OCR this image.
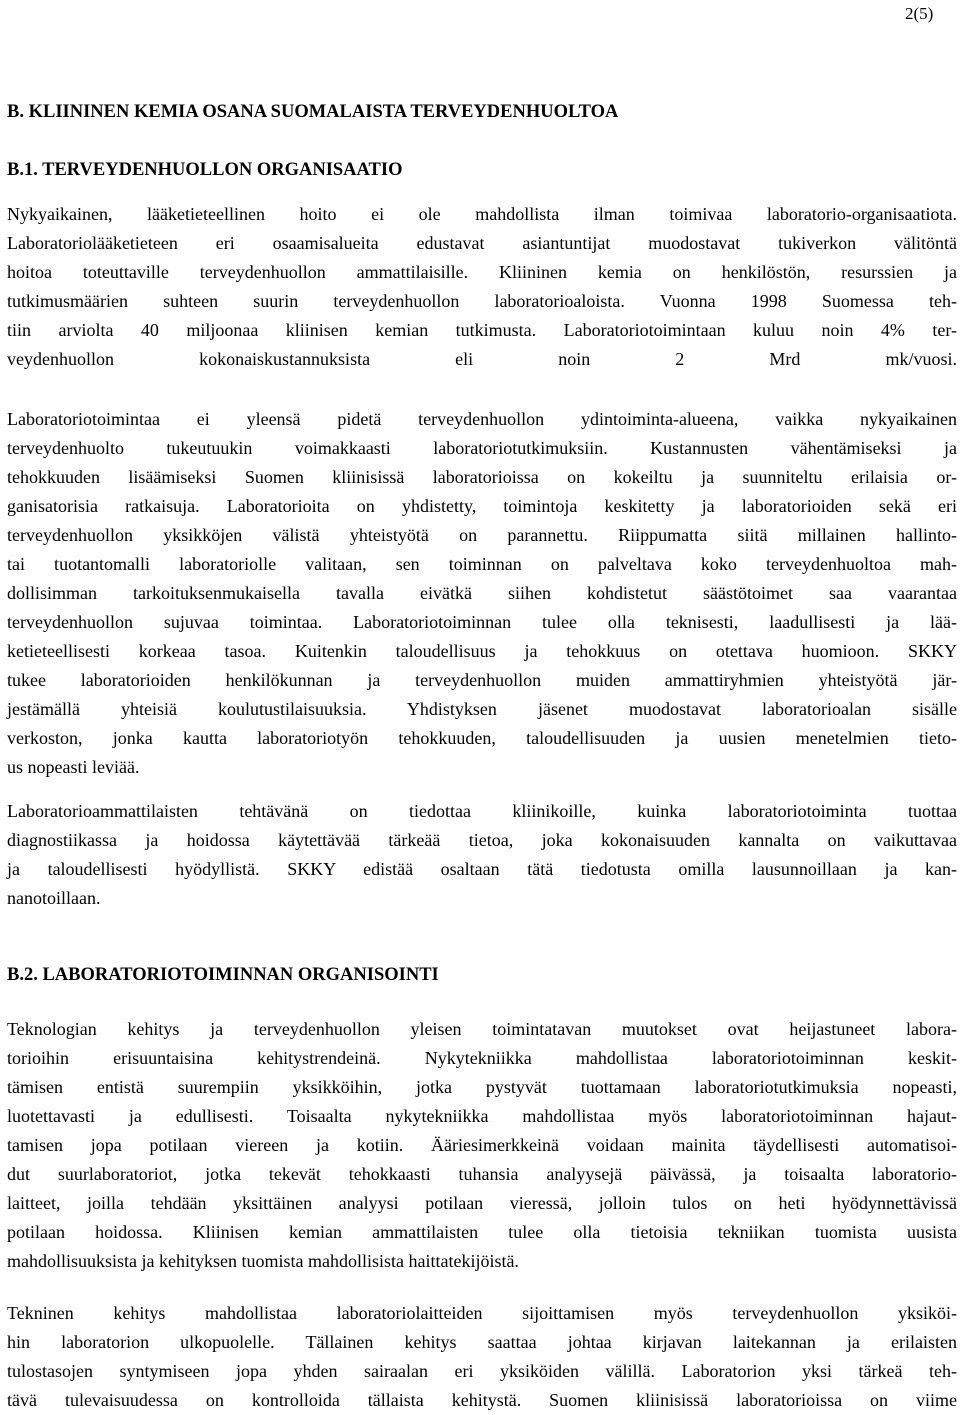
2(5)
B. KLIININEN KEMIA OSANA SUOMALAISTA TERVEYDENHUOLTOA
B.1. TERVEYDENHUOLLON ORGANISAATIO
Nykyaikainen, lääketieteellinen hoito ei ole mahdollista ilman toimivaa laboratorio-organisaatiota.
Laboratoriolääketieteen eri osaamisalueita edustavat asiantuntijat muodostavat tukiverkon välitöntä
hoitoa toteuttaville terveydenhuollon ammattilaisille. Kliininen kemia on henkilöstön, resurssien ja
tutkimusmäärien suhteen suurin terveydenhuollon laboratorioaloista. Vuonna 1998 Suomessa teh-
tiin arviolta 40 miljoonaa kliinisen kemian tutkimusta. Laboratoriotoimintaan kuluu noin 4% ter-
veydenhuollon kokonaiskustannuksista eli noin 2 Mrd mk/vuosi.
Laboratoriotoimintaa ei yleensä pidetä terveydenhuollon ydintoiminta-alueena, vaikka nykyaikainen
terveydenhuolto tukeutuukin voimakkaasti laboratoriotutkimuksiin. Kustannusten vähentämiseksi ja
tehokkuuden lisäämiseksi Suomen kliinisissä laboratorioissa on kokeiltu ja suunniteltu erilaisia or-
ganisatorisia ratkaisuja. Laboratorioita on yhdistetty, toimintoja keskitetty ja laboratorioiden sekä eri
terveydenhuollon yksikköjen välistä yhteistyötä on parannettu. Riippumatta siitä millainen hallinto-
tai tuotantomalli laboratoriolle valitaan, sen toiminnan on palveltava koko terveydenhuoltoa mah-
dollisimman tarkoituksenmukaisella tavalla eivätkä siihen kohdistetut säästötoimet saa vaarantaa
terveydenhuollon sujuvaa toimintaa. Laboratoriotoiminnan tulee olla teknisesti, laadullisesti ja lää-
ketieteellisesti korkeaa tasoa. Kuitenkin taloudellisuus ja tehokkuus on otettava huomioon. SKKY
tukee laboratorioiden henkilökunnan ja terveydenhuollon muiden ammattiryhmien yhteistyötä jär-
jestämällä yhteisiä koulutustilaisuuksia. Yhdistyksen jäsenet muodostavat laboratorioalan sisälle
verkoston, jonka kautta laboratoriotyön tehokkuuden, taloudellisuuden ja uusien menetelmien tieto-
us nopeasti leviää.
Laboratorioammattilaisten tehtävänä on tiedottaa kliinikoille, kuinka laboratoriotoiminta tuottaa
diagnostiikassa ja hoidossa käytettävää tärkeää tietoa, joka kokonaisuuden kannalta on vaikuttavaa
ja taloudellisesti hyödyllistä. SKKY edistää osaltaan tätä tiedotusta omilla lausunnoillaan ja kan-
nanotoillaan.
B.2. LABORATORIOTOIMINNAN ORGANISOINTI
Teknologian kehitys ja terveydenhuollon yleisen toimintatavan muutokset ovat heijastuneet labora-
torioihin erisuuntaisina kehitystrendeinä. Nykytekniikka mahdollistaa laboratoriotoiminnan keskit-
tämisen entistä suurempiin yksikköihin, jotka pystyvät tuottamaan laboratoriotutkimuksia nopeasti,
luotettavasti ja edullisesti. Toisaalta nykytekniikka mahdollistaa myös laboratoriotoiminnan hajaut-
tamisen jopa potilaan viereen ja kotiin. Ääriesimerkkeinä voidaan mainita täydellisesti automatisoi-
dut suurlaboratoriot, jotka tekevät tehokkaasti tuhansia analyysejä päivässä, ja toisaalta laboratorio-
laitteet, joilla tehdään yksittäinen analyysi potilaan vieressä, jolloin tulos on heti hyödynnettävissä
potilaan hoidossa. Kliinisen kemian ammattilaisten tulee olla tietoisia tekniikan tuomista uusista
mahdollisuuksista ja kehityksen tuomista mahdollisista haittatekijöistä.
Tekninen kehitys mahdollistaa laboratoriolaitteiden sijoittamisen myös terveydenhuollon yksiköi-
hin laboratorion ulkopuolelle. Tällainen kehitys saattaa johtaa kirjavan laitekannan ja erilaisten
tulostasojen syntymiseen jopa yhden sairaalan eri yksiköiden välillä. Laboratorion yksi tärkeä teh-
tävä tulevaisuudessa on kontrolloida tällaista kehitystä. Suomen kliinisissä laboratorioissa on viime
